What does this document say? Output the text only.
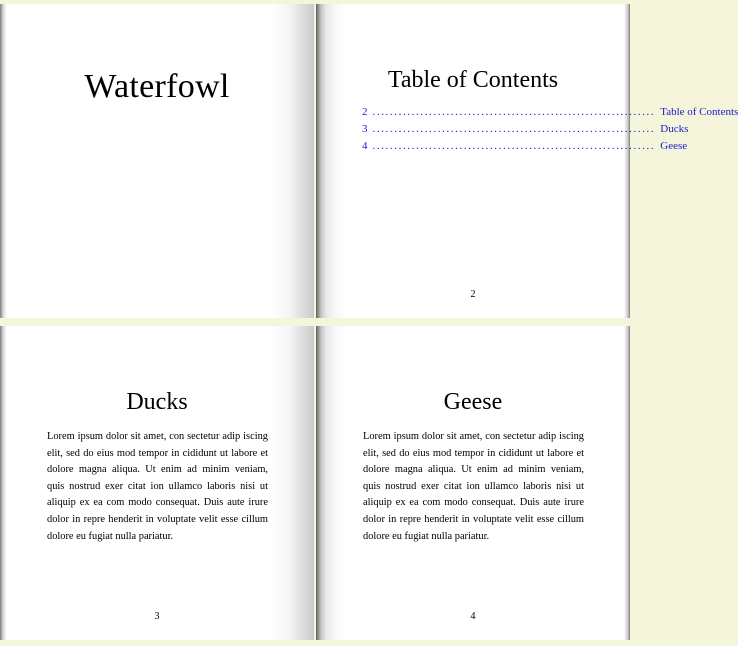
Waterfowl	Table of Contents
2 ................................................................. Table of Contents
3 ................................................................. Ducks
4 ................................................................. Geese
2
Ducks
Lorem ipsum dolor sit amet, con sectetur adip iscing elit, sed do eius mod tempor in cididunt ut labore et dolore magna aliqua. Ut enim ad minim veniam, quis nostrud exer citat ion ullamco laboris nisi ut aliquip ex ea com modo consequat. Duis aute irure dolor in repre henderit in voluptate velit esse cillum dolore eu fugiat nulla pariatur.
3
Geese
Lorem ipsum dolor sit amet, con sectetur adip iscing elit, sed do eius mod tempor in cididunt ut labore et dolore magna aliqua. Ut enim ad minim veniam, quis nostrud exer citat ion ullamco laboris nisi ut aliquip ex ea com modo consequat. Duis aute irure dolor in repre henderit in voluptate velit esse cillum dolore eu fugiat nulla pariatur.
4
